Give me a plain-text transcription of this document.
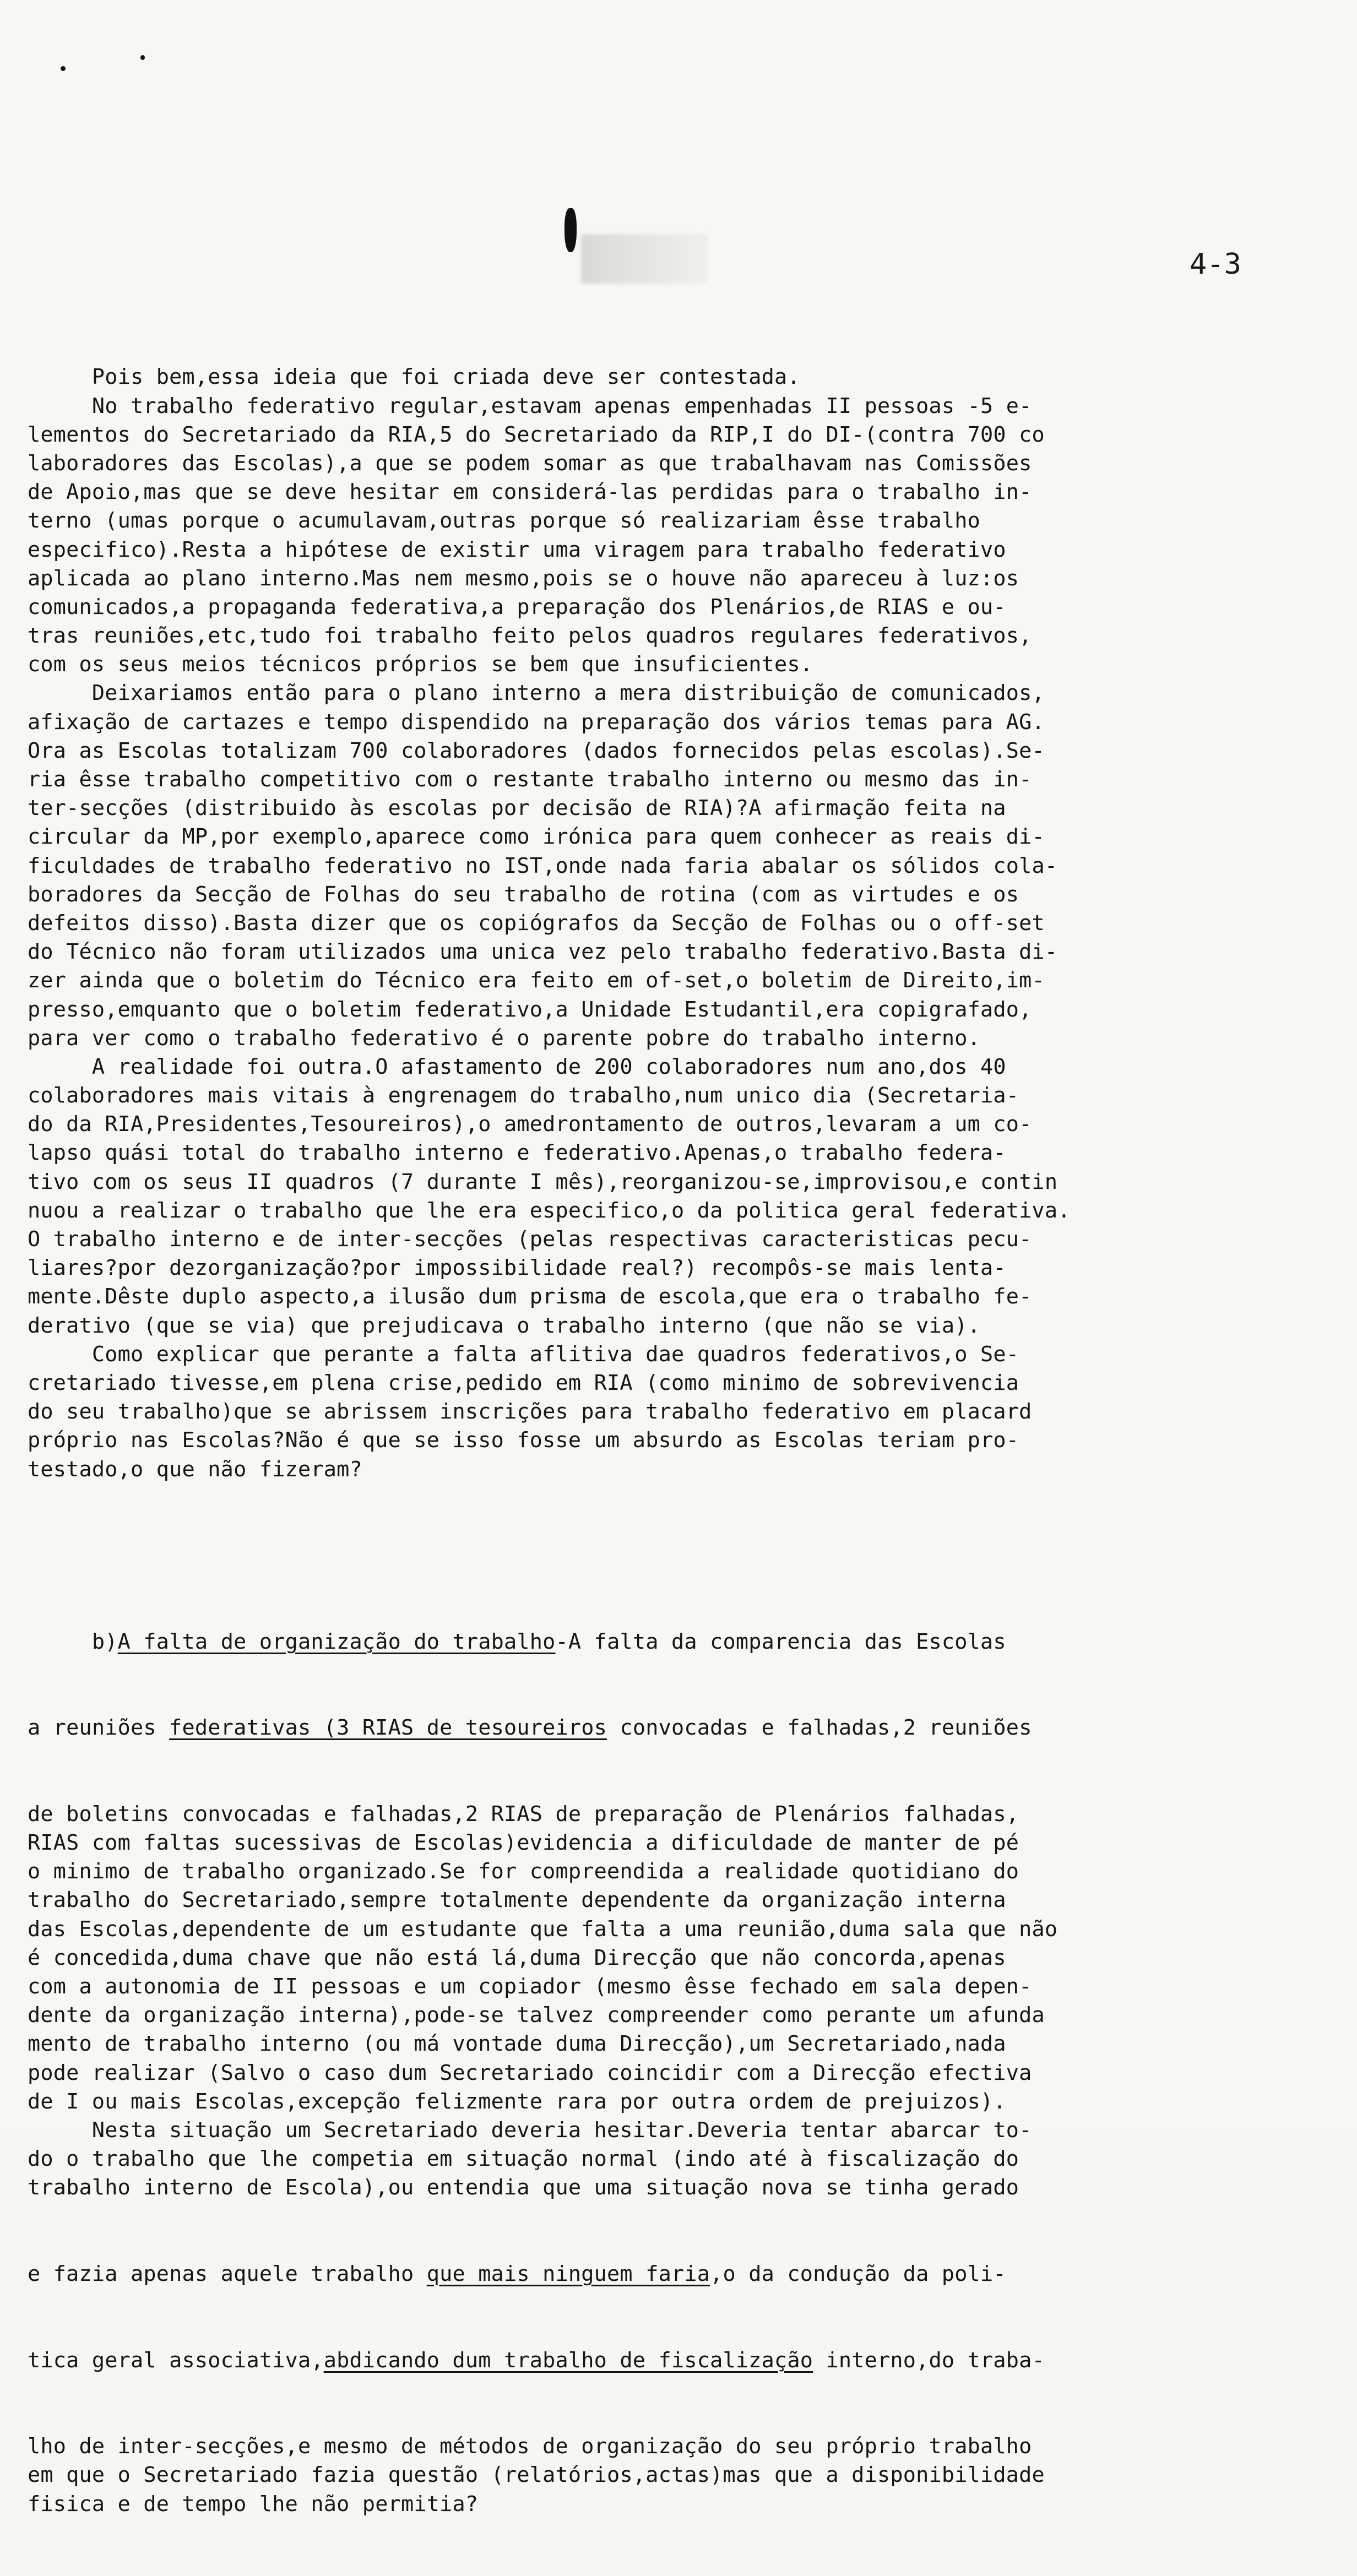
4-3

Pois bem,essa ideia que foi criada deve ser contestada.
No trabalho federativo regular,estavam apenas empenhadas II pessoas -5 e-
lementos do Secretariado da RIA,5 do Secretariado da RIP,I do DI-(contra 700 co
laboradores das Escolas),a que se podem somar as que trabalhavam nas Comissões
de Apoio,mas que se deve hesitar em considerá-las perdidas para o trabalho in-
terno (umas porque o acumulavam,outras porque só realizariam êsse trabalho
especifico).Resta a hipótese de existir uma viragem para trabalho federativo
aplicada ao plano interno.Mas nem mesmo,pois se o houve não apareceu à luz:os
comunicados,a propaganda federativa,a preparação dos Plenários,de RIAS e ou-
tras reuniões,etc,tudo foi trabalho feito pelos quadros regulares federativos,
com os seus meios técnicos próprios se bem que insuficientes.
Deixariamos então para o plano interno a mera distribuição de comunicados,
afixação de cartazes e tempo dispendido na preparação dos vários temas para AG.
Ora as Escolas totalizam 700 colaboradores (dados fornecidos pelas escolas).Se-
ria êsse trabalho competitivo com o restante trabalho interno ou mesmo das in-
ter-secções (distribuido às escolas por decisão de RIA)?A afirmação feita na
circular da MP,por exemplo,aparece como irónica para quem conhecer as reais di-
ficuldades de trabalho federativo no IST,onde nada faria abalar os sólidos cola-
boradores da Secção de Folhas do seu trabalho de rotina (com as virtudes e os
defeitos disso).Basta dizer que os copiógrafos da Secção de Folhas ou o off-set
do Técnico não foram utilizados uma unica vez pelo trabalho federativo.Basta di-
zer ainda que o boletim do Técnico era feito em of-set,o boletim de Direito,im-
presso,emquanto que o boletim federativo,a Unidade Estudantil,era copigrafado,
para ver como o trabalho federativo é o parente pobre do trabalho interno.
A realidade foi outra.O afastamento de 200 colaboradores num ano,dos 40
colaboradores mais vitais à engrenagem do trabalho,num unico dia (Secretaria-
do da RIA,Presidentes,Tesoureiros),o amedrontamento de outros,levaram a um co-
lapso quási total do trabalho interno e federativo.Apenas,o trabalho federa-
tivo com os seus II quadros (7 durante I mês),reorganizou-se,improvisou,e contin
nuou a realizar o trabalho que lhe era especifico,o da politica geral federativa.
O trabalho interno e de inter-secções (pelas respectivas caracteristicas pecu-
liares?por dezorganização?por impossibilidade real?) recompôs-se mais lenta-
mente.Dêste duplo aspecto,a ilusão dum prisma de escola,que era o trabalho fe-
derativo (que se via) que prejudicava o trabalho interno (que não se via).
Como explicar que perante a falta aflitiva dae quadros federativos,o Se-
cretariado tivesse,em plena crise,pedido em RIA (como minimo de sobrevivencia
do seu trabalho)que se abrissem inscrições para trabalho federativo em placard
próprio nas Escolas?Não é que se isso fosse um absurdo as Escolas teriam pro-
testado,o que não fizeram?

b)A falta de organização do trabalho-A falta da comparencia das Escolas

a reuniões federativas (3 RIAS de tesoureiros convocadas e falhadas,2 reuniões

de boletins convocadas e falhadas,2 RIAS de preparação de Plenários falhadas,
RIAS com faltas sucessivas de Escolas)evidencia a dificuldade de manter de pé
o minimo de trabalho organizado.Se for compreendida a realidade quotidiano do
trabalho do Secretariado,sempre totalmente dependente da organização interna
das Escolas,dependente de um estudante que falta a uma reunião,duma sala que não
é concedida,duma chave que não está lá,duma Direcção que não concorda,apenas
com a autonomia de II pessoas e um copiador (mesmo êsse fechado em sala depen-
dente da organização interna),pode-se talvez compreender como perante um afunda
mento de trabalho interno (ou má vontade duma Direcção),um Secretariado,nada
pode realizar (Salvo o caso dum Secretariado coincidir com a Direcção efectiva
de I ou mais Escolas,excepção felizmente rara por outra ordem de prejuizos).
Nesta situação um Secretariado deveria hesitar.Deveria tentar abarcar to-
do o trabalho que lhe competia em situação normal (indo até à fiscalização do
trabalho interno de Escola),ou entendia que uma situação nova se tinha gerado

e fazia apenas aquele trabalho que mais ninguem faria,o da condução da poli-

tica geral associativa,abdicando dum trabalho de fiscalização interno,do traba-

lho de inter-secções,e mesmo de métodos de organização do seu próprio trabalho
em que o Secretariado fazia questão (relatórios,actas)mas que a disponibilidade
fisica e de tempo lhe não permitia?
